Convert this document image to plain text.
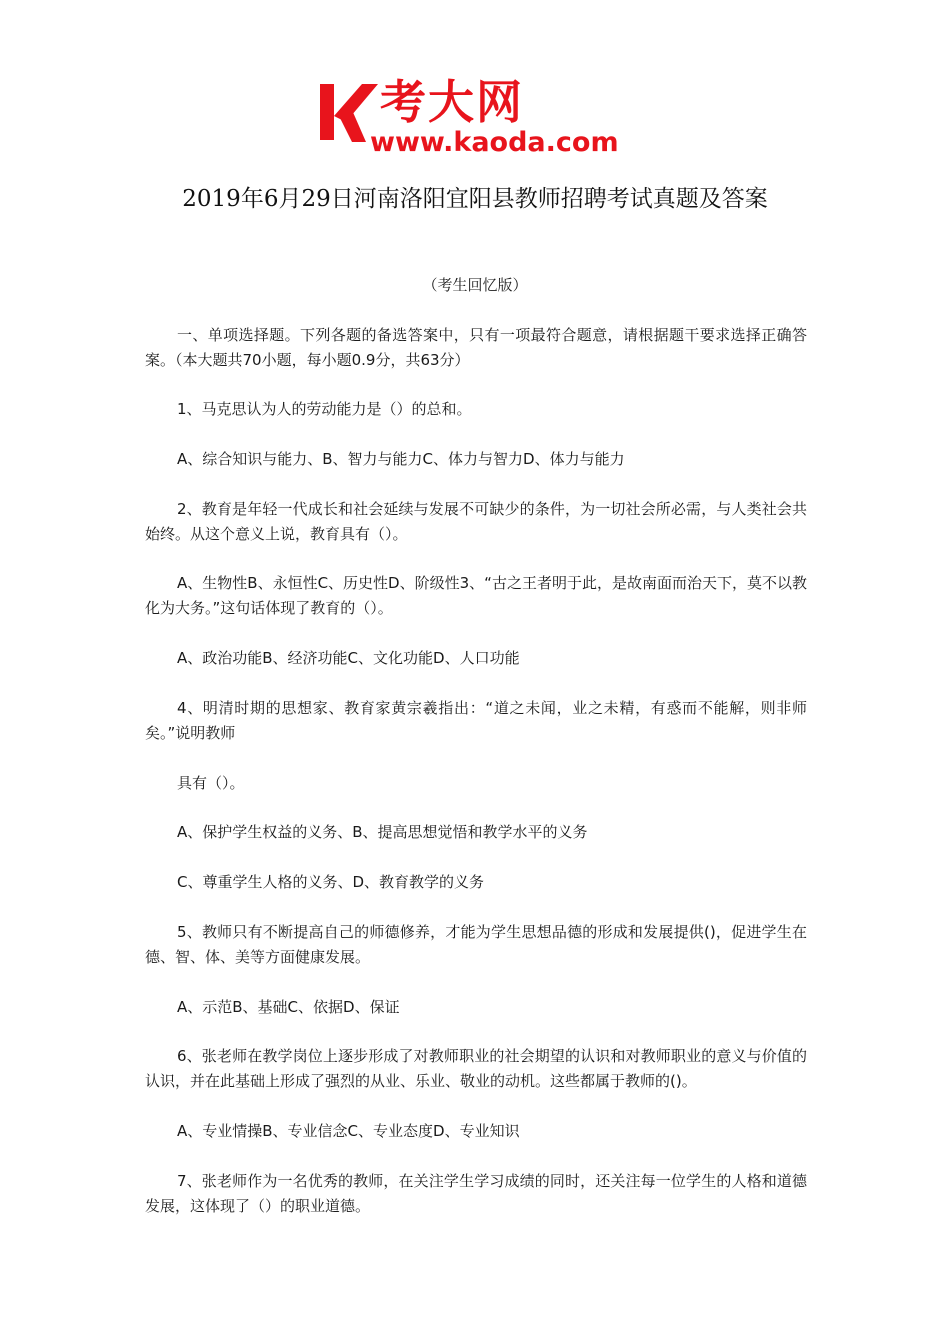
考大网
www.kaoda.com
2019年6月29日河南洛阳宜阳县教师招聘考试真题及答案
（考生回忆版）

一、单项选择题。下列各题的备选答案中，只有一项最符合题意，请根据题干要求选择正确答案。（本大题共70小题，每小题0.9分，共63分）

1、马克思认为人的劳动能力是（）的总和。

A、综合知识与能力、B、智力与能力C、体力与智力D、体力与能力

2、教育是年轻一代成长和社会延续与发展不可缺少的条件，为一切社会所必需，与人类社会共始终。从这个意义上说，教育具有（）。

A、生物性B、永恒性C、历史性D、阶级性3、“古之王者明于此，是故南面而治天下，莫不以教化为大务。”这句话体现了教育的（）。

A、政治功能B、经济功能C、文化功能D、人口功能

4、明清时期的思想家、教育家黄宗羲指出：“道之未闻，业之未精，有惑而不能解，则非师矣。”说明教师

具有（）。

A、保护学生权益的义务、B、提高思想觉悟和教学水平的义务

C、尊重学生人格的义务、D、教育教学的义务

5、教师只有不断提高自己的师德修养，才能为学生思想品德的形成和发展提供()，促进学生在德、智、体、美等方面健康发展。

A、示范B、基础C、依据D、保证

6、张老师在教学岗位上逐步形成了对教师职业的社会期望的认识和对教师职业的意义与价值的认识，并在此基础上形成了强烈的从业、乐业、敬业的动机。这些都属于教师的()。

A、专业情操B、专业信念C、专业态度D、专业知识

7、张老师作为一名优秀的教师，在关注学生学习成绩的同时，还关注每一位学生的人格和道德发展，这体现了（）的职业道德。
